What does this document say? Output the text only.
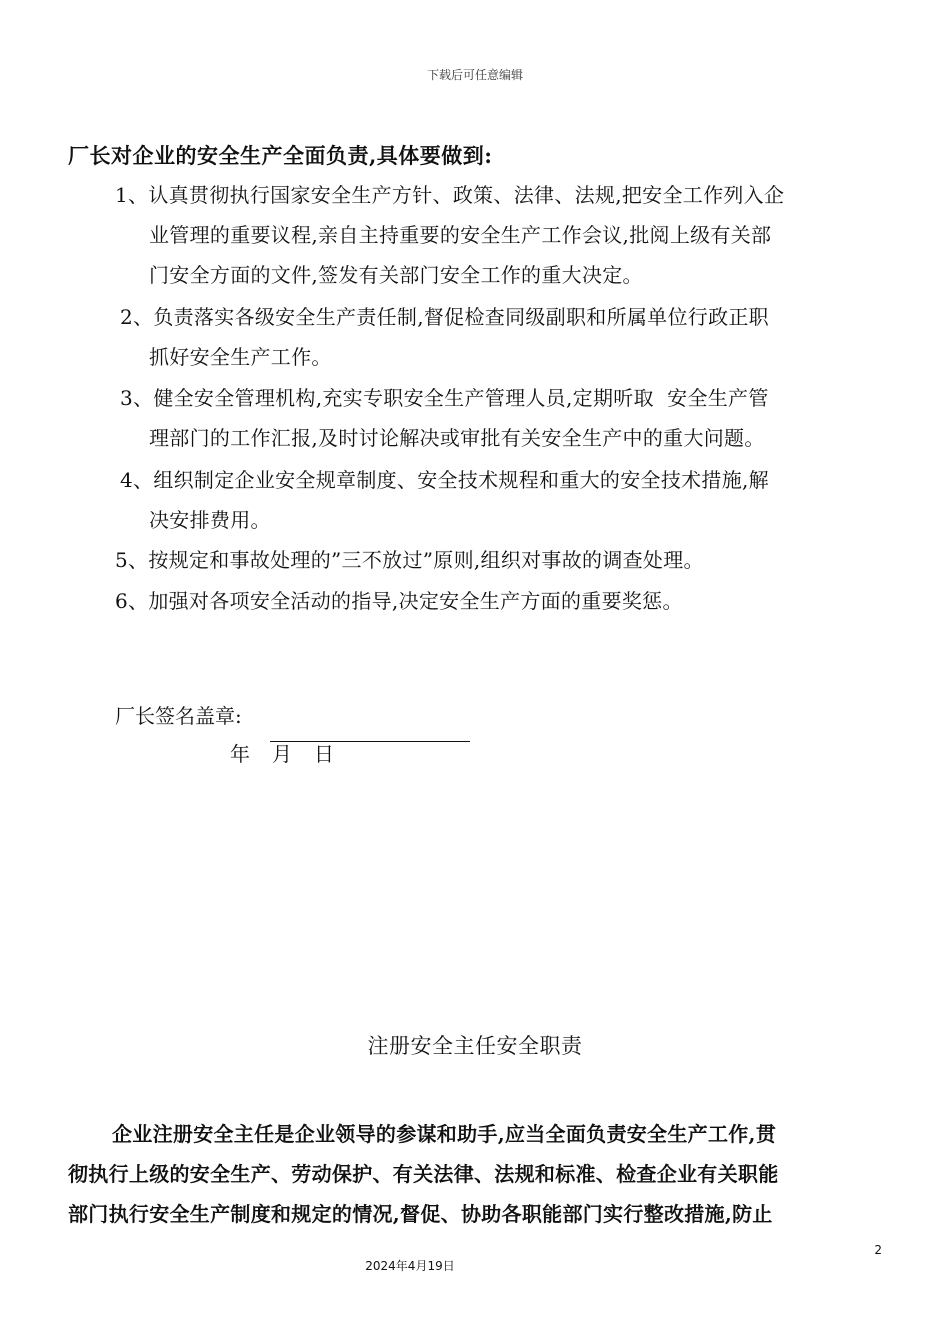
下载后可任意编辑
厂长对企业的安全生产全面负责,具体要做到:
1、认真贯彻执行国家安全生产方针、政策、法律、法规,把安全工作列入企
业管理的重要议程,亲自主持重要的安全生产工作会议,批阅上级有关部
门安全方面的文件,签发有关部门安全工作的重大决定。
2、负责落实各级安全生产责任制,督促检查同级副职和所属单位行政正职
抓好安全生产工作。
3、健全安全管理机构,充实专职安全生产管理人员,定期听取  安全生产管
理部门的工作汇报,及时讨论解决或审批有关安全生产中的重大问题。
4、组织制定企业安全规章制度、安全技术规程和重大的安全技术措施,解
决安排费用。
5、按规定和事故处理的”三不放过”原则,组织对事故的调查处理。
6、加强对各项安全活动的指导,决定安全生产方面的重要奖惩。
厂长签名盖章:
年 月 日
注册安全主任安全职责
企业注册安全主任是企业领导的参谋和助手,应当全面负责安全生产工作,贯
彻执行上级的安全生产、劳动保护、有关法律、法规和标准、检查企业有关职能
部门执行安全生产制度和规定的情况,督促、协助各职能部门实行整改措施,防止
2
2024年4月19日
